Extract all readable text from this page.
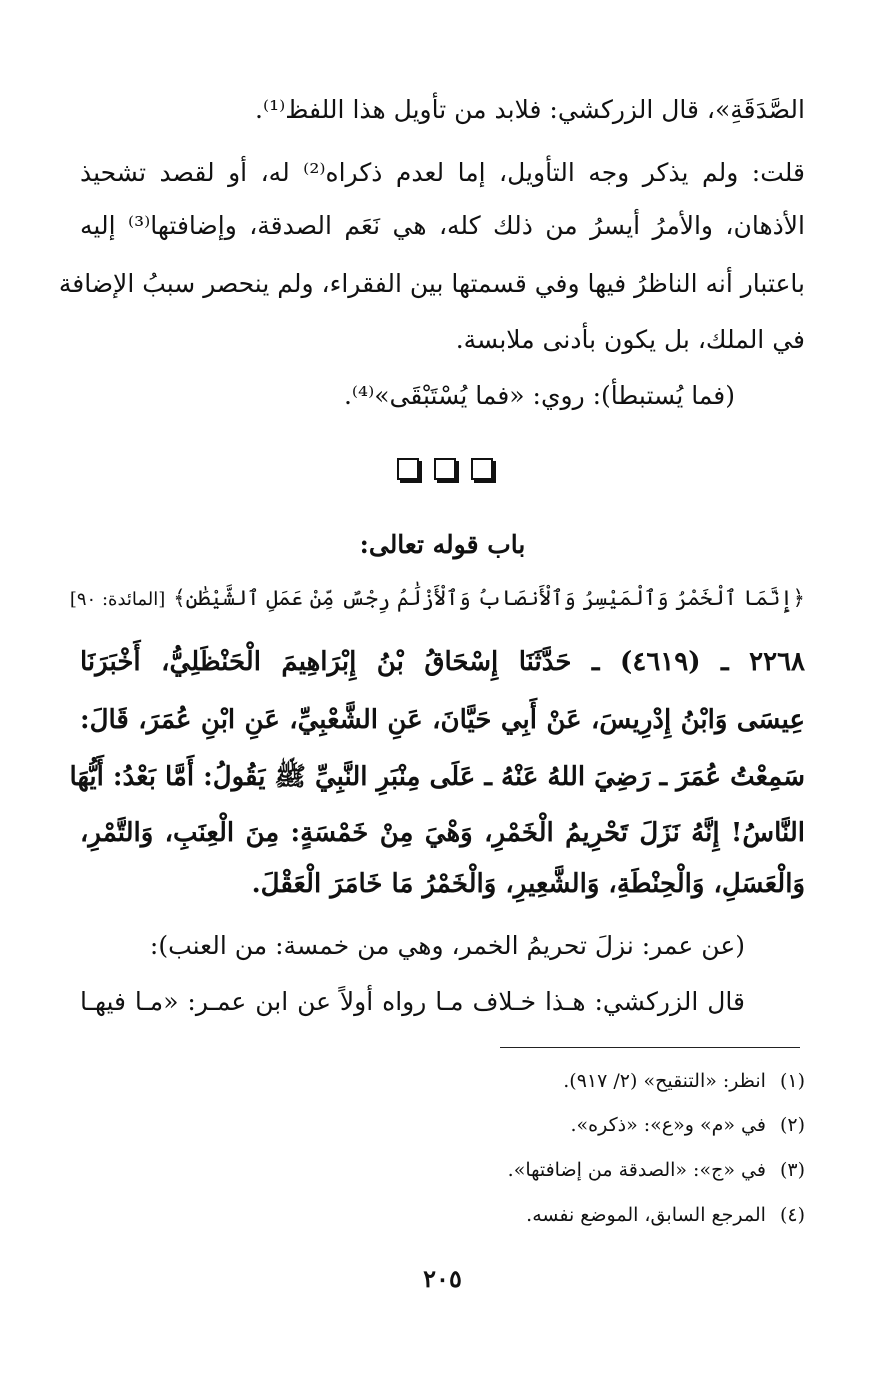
الصَّدَقَةِ»، قال الزركشي: فلابد من تأويل هذا اللفظ⁽¹⁾.
قلت: ولم يذكر وجه التأويل، إما لعدم ذكراه⁽²⁾ له، أو لقصد تشحيذ
الأذهان، والأمرُ أيسرُ من ذلك كله، هي نَعَم الصدقة، وإضافتها⁽³⁾ إليه
باعتبار أنه الناظرُ فيها وفي قسمتها بين الفقراء، ولم ينحصر سببُ الإضافة
في الملك، بل يكون بأدنى ملابسة.
(فما يُستبطأ): روي: «فما يُسْتَبْقَى»⁽⁴⁾.
باب قوله تعالى:
﴿إِنَّمَا ٱلْخَمْرُ وَٱلْمَيْسِرُ وَٱلْأَنصَابُ وَٱلْأَزْلَٰمُ رِجْسٌ مِّنْ عَمَلِ ٱلشَّيْطَٰنِ﴾ [المائدة: ٩٠]
٢٢٦٨ ـ (٤٦١٩) ـ حَدَّثَنَا إِسْحَاقُ بْنُ إِبْرَاهِيمَ الْحَنْظَلِيُّ، أَخْبَرَنَا
عِيسَى وَابْنُ إِدْرِيسَ، عَنْ أَبِي حَيَّانَ، عَنِ الشَّعْبِيِّ، عَنِ ابْنِ عُمَرَ، قَالَ:
سَمِعْتُ عُمَرَ ـ رَضِيَ اللهُ عَنْهُ ـ عَلَى مِنْبَرِ النَّبِيِّ ﷺ يَقُولُ: أَمَّا بَعْدُ: أَيُّهَا
النَّاسُ! إِنَّهُ نَزَلَ تَحْرِيمُ الْخَمْرِ، وَهْيَ مِنْ خَمْسَةٍ: مِنَ الْعِنَبِ، وَالتَّمْرِ،
وَالْعَسَلِ، وَالْحِنْطَةِ، وَالشَّعِيرِ، وَالْخَمْرُ مَا خَامَرَ الْعَقْلَ.
(عن عمر: نزلَ تحريمُ الخمر، وهي من خمسة: من العنب):
قال الزركشي: هـذا خـلاف مـا رواه أولاً عن ابن عمـر: «مـا فيهـا
(١)انظر: «التنقيح» (٢/ ٩١٧).
(٢)في «م» و«ع»: «ذكره».
(٣)في «ج»: «الصدقة من إضافتها».
(٤)المرجع السابق، الموضع نفسه.
٢٠٥
